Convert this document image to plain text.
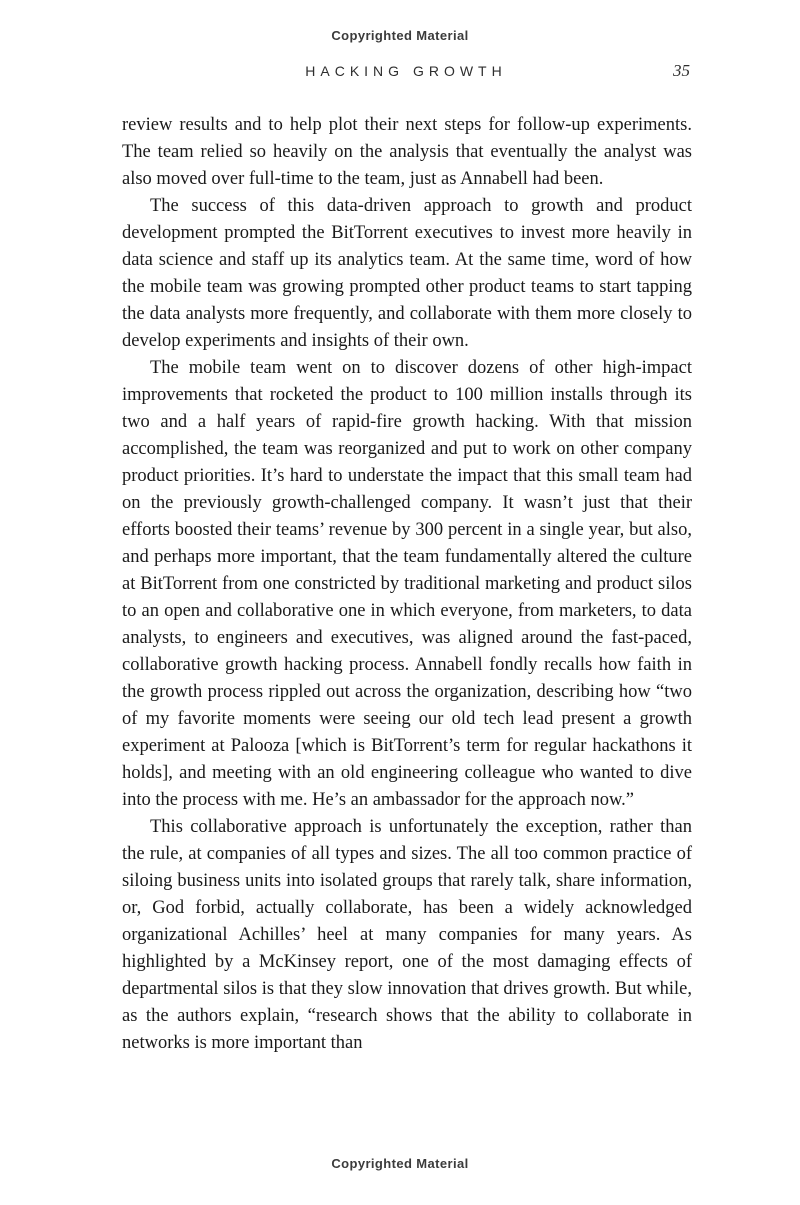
Copyrighted Material
HACKING GROWTH	35

review results and to help plot their next steps for follow-up experiments. The team relied so heavily on the analysis that eventually the analyst was also moved over full-time to the team, just as Annabell had been.

The success of this data-driven approach to growth and product development prompted the BitTorrent executives to invest more heavily in data science and staff up its analytics team. At the same time, word of how the mobile team was growing prompted other product teams to start tapping the data analysts more frequently, and collaborate with them more closely to develop experiments and insights of their own.

The mobile team went on to discover dozens of other high-impact improvements that rocketed the product to 100 million installs through its two and a half years of rapid-fire growth hacking. With that mission accomplished, the team was reorganized and put to work on other company product priorities. It’s hard to understate the impact that this small team had on the previously growth-challenged company. It wasn’t just that their efforts boosted their teams’ revenue by 300 percent in a single year, but also, and perhaps more important, that the team fundamentally altered the culture at BitTorrent from one constricted by traditional marketing and product silos to an open and collaborative one in which everyone, from marketers, to data analysts, to engineers and executives, was aligned around the fast-paced, collaborative growth hacking process. Annabell fondly recalls how faith in the growth process rippled out across the organization, describing how “two of my favorite moments were seeing our old tech lead present a growth experiment at Palooza [which is BitTorrent’s term for regular hackathons it holds], and meeting with an old engineering colleague who wanted to dive into the process with me. He’s an ambassador for the approach now.”

This collaborative approach is unfortunately the exception, rather than the rule, at companies of all types and sizes. The all too common practice of siloing business units into isolated groups that rarely talk, share information, or, God forbid, actually collaborate, has been a widely acknowledged organizational Achilles’ heel at many companies for many years. As highlighted by a McKinsey report, one of the most damaging effects of departmental silos is that they slow innovation that drives growth. But while, as the authors explain, “research shows that the ability to collaborate in networks is more important than

Copyrighted Material
